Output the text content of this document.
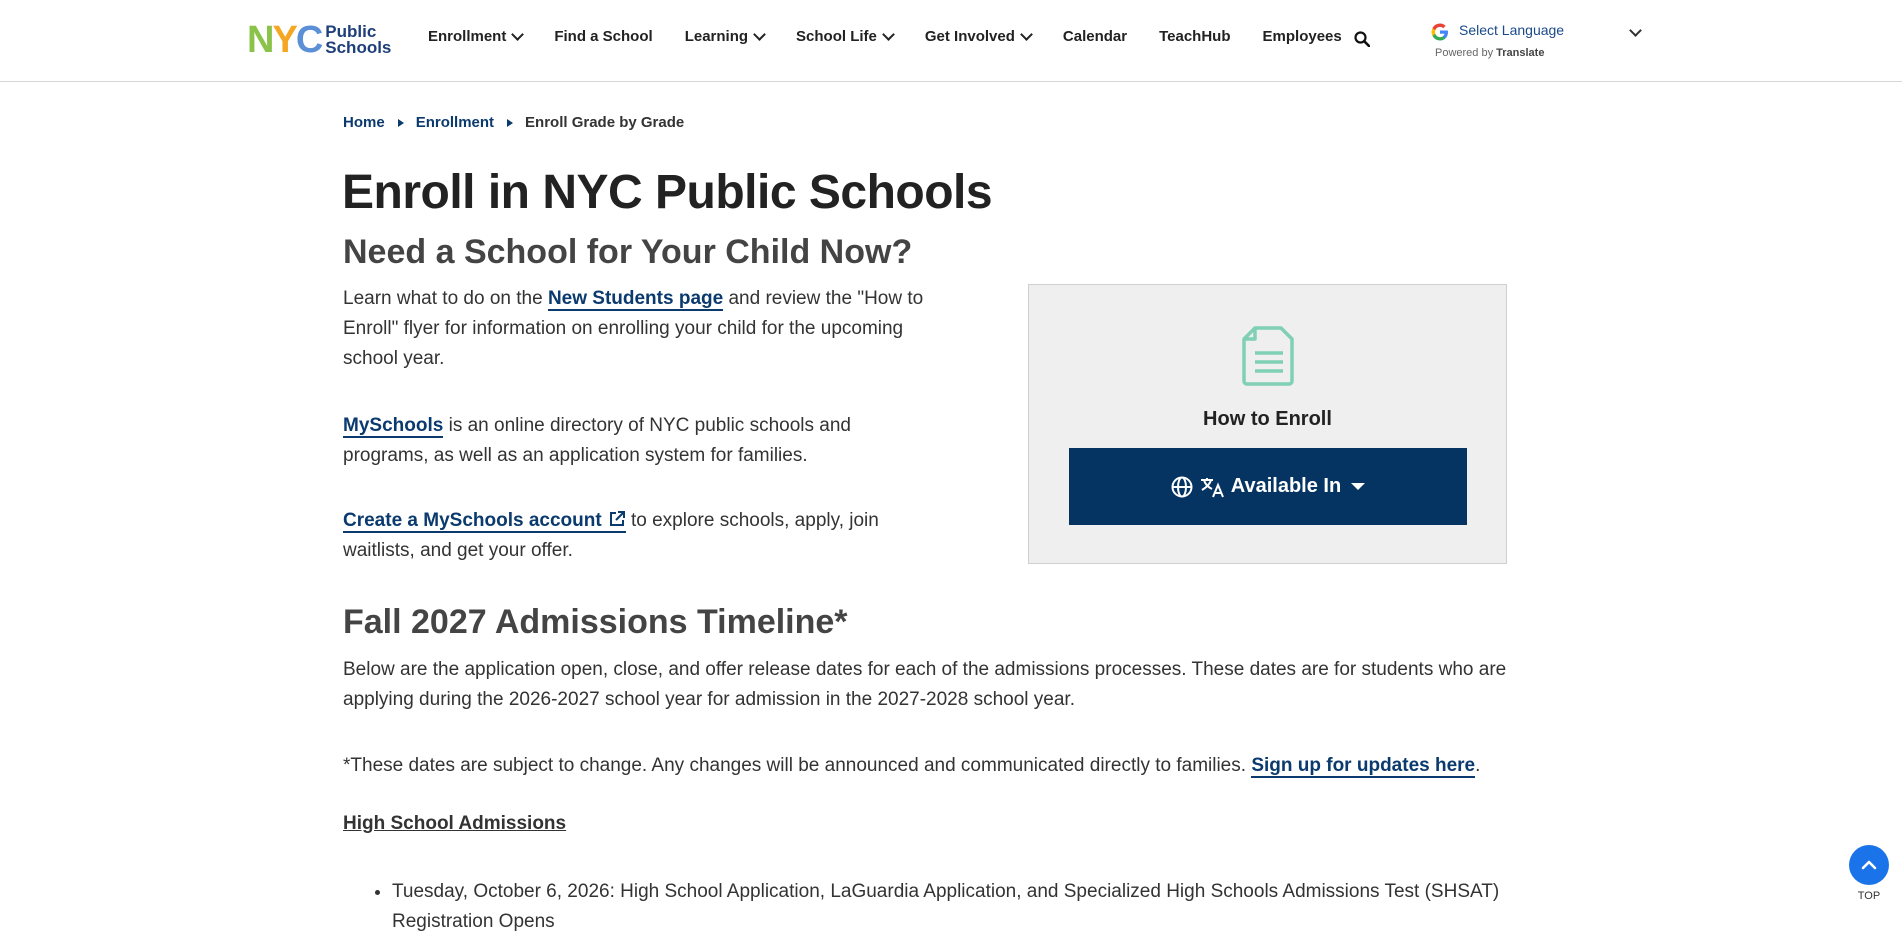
N Y C Public
Schools
Enrollment	Find a School Learning	School Life	Get Involved	Calendar TeachHub Employees	Select Language
Powered by Translate
Home Enrollment Enroll Grade by Grade
Enroll in NYC Public Schools
Need a School for Your Child Now?

Learn what to do on the New Students page and review the "How to Enroll" flyer for information on enrolling your child for the upcoming school year.

MySchools is an online directory of NYC public schools and programs, as well as an application system for families.

Create a MySchools account to explore schools, apply, join waitlists, and get your offer.

How to Enroll
Available In
Fall 2027 Admissions Timeline*

Below are the application open, close, and offer release dates for each of the admissions processes. These dates are for students who are applying during the 2026-2027 school year for admission in the 2027-2028 school year.

*These dates are subject to change. Any changes will be announced and communicated directly to families. Sign up for updates here.

High School Admissions
• Tuesday, October 6, 2026: High School Application, LaGuardia Application, and Specialized High Schools Admissions Test (SHSAT) Registration Opens
TOP
